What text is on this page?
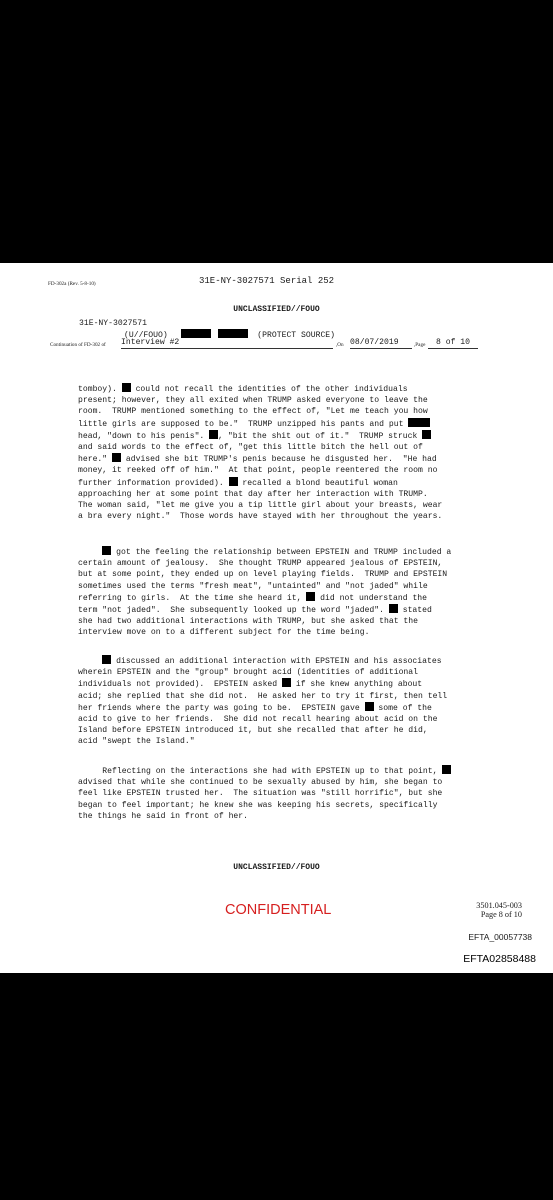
FD-302a (Rev. 5-8-10)	31E-NY-3027571 Serial 252
UNCLASSIFIED//FOUO
31E-NY-3027571
(U//FOUO)	(PROTECT SOURCE)
Continuation of FD-302 of Interview #2	,On 08/07/2019	,Page	8 of 10
tomboy).  could not recall the identities of the other individuals
present; however, they all exited when TRUMP asked everyone to leave the
room.  TRUMP mentioned something to the effect of, "Let me teach you how
little girls are supposed to be."  TRUMP unzipped his pants and put
head, "down to his penis". , "bit the shit out of it."  TRUMP struck
and said words to the effect of, "get this little bitch the hell out of
here."  advised she bit TRUMP's penis because he disgusted her.  "He had
money, it reeked off of him."  At that point, people reentered the room no
further information provided).  recalled a blond beautiful woman
approaching her at some point that day after her interaction with TRUMP.
The woman said, "let me give you a tip little girl about your breasts, wear
a bra every night."  Those words have stayed with her throughout the years.
got the feeling the relationship between EPSTEIN and TRUMP included a
certain amount of jealousy.  She thought TRUMP appeared jealous of EPSTEIN,
but at some point, they ended up on level playing fields.  TRUMP and EPSTEIN
sometimes used the terms "fresh meat", "untainted" and "not jaded" while
referring to girls.  At the time she heard it,  did not understand the
term "not jaded".  She subsequently looked up the word "jaded".  stated
she had two additional interactions with TRUMP, but she asked that the
interview move on to a different subject for the time being.
discussed an additional interaction with EPSTEIN and his associates
wherein EPSTEIN and the "group" brought acid (identities of additional
individuals not provided).  EPSTEIN asked  if she knew anything about
acid; she replied that she did not.  He asked her to try it first, then tell
her friends where the party was going to be.  EPSTEIN gave  some of the
acid to give to her friends.  She did not recall hearing about acid on the
Island before EPSTEIN introduced it, but she recalled that after he did,
acid "swept the Island."
Reflecting on the interactions she had with EPSTEIN up to that point,
advised that while she continued to be sexually abused by him, she began to
feel like EPSTEIN trusted her.  The situation was "still horrific", but she
began to feel important; he knew she was keeping his secrets, specifically
the things he said in front of her.
UNCLASSIFIED//FOUO
CONFIDENTIAL	3501.045-003
Page 8 of 10
EFTA_00057738
EFTA02858488
